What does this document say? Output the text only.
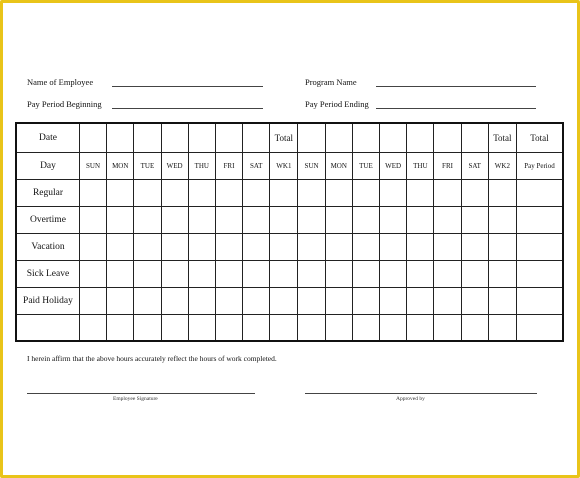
Name of Employee	Program Name
Pay Period Beginning	Pay Period Ending
Date								Total								Total	Total
Day	SUN	MON	TUE	WED	THU	FRI	SAT	WK1	SUN	MON	TUE	WED	THU	FRI	SAT	WK2	Pay Period
Regular																	
Overtime																	
Vacation																	
Sick Leave																	
Paid Holiday																	

I herein affirm that the above hours accurately reflect the hours of work completed.
Employee Signature	Approved by
